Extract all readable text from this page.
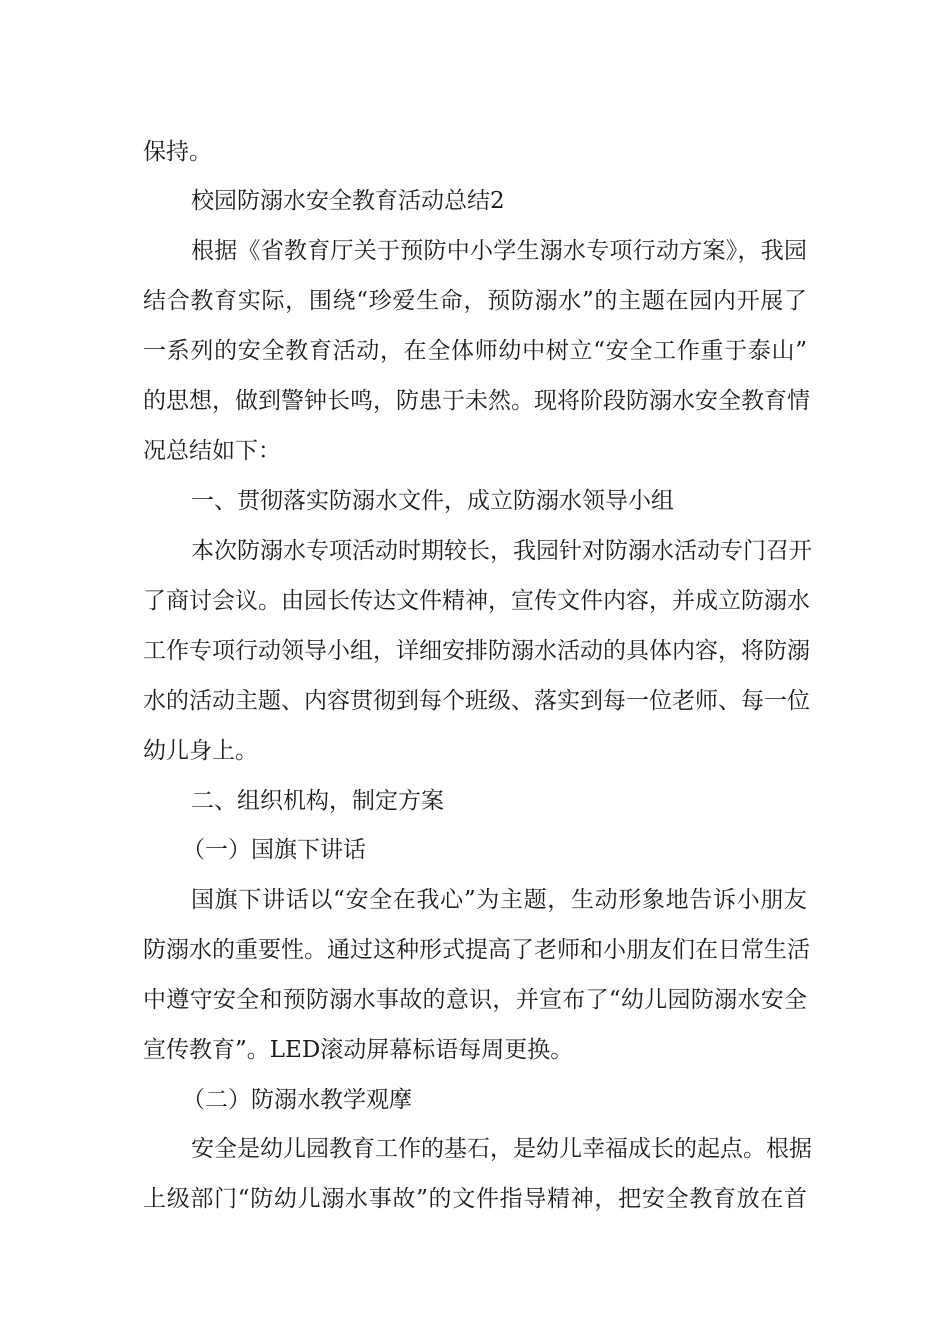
保持。
校园防溺水安全教育活动总结2
根据《省教育厅关于预防中小学生溺水专项行动方案》，我园
结合教育实际，围绕“珍爱生命，预防溺水”的主题在园内开展了
一系列的安全教育活动，在全体师幼中树立“安全工作重于泰山”
的思想，做到警钟长鸣，防患于未然。现将阶段防溺水安全教育情
况总结如下：
一、贯彻落实防溺水文件，成立防溺水领导小组
本次防溺水专项活动时期较长，我园针对防溺水活动专门召开
了商讨会议。由园长传达文件精神，宣传文件内容，并成立防溺水
工作专项行动领导小组，详细安排防溺水活动的具体内容，将防溺
水的活动主题、内容贯彻到每个班级、落实到每一位老师、每一位
幼儿身上。
二、组织机构，制定方案
（一）国旗下讲话
国旗下讲话以“安全在我心”为主题，生动形象地告诉小朋友
防溺水的重要性。通过这种形式提高了老师和小朋友们在日常生活
中遵守安全和预防溺水事故的意识，并宣布了“幼儿园防溺水安全
宣传教育”。LED滚动屏幕标语每周更换。
（二）防溺水教学观摩
安全是幼儿园教育工作的基石，是幼儿幸福成长的起点。根据
上级部门“防幼儿溺水事故”的文件指导精神，把安全教育放在首
